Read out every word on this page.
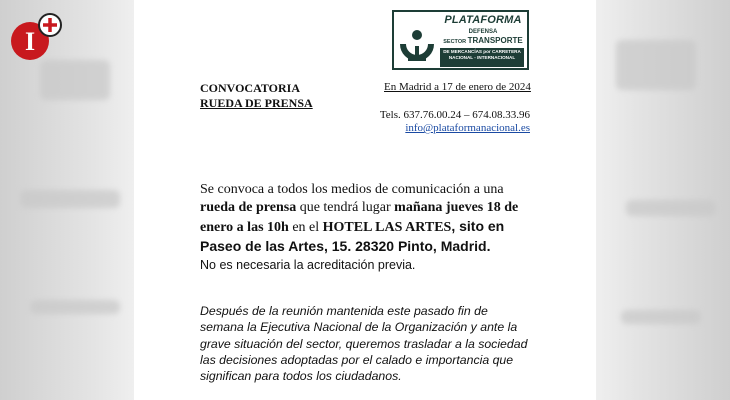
I
PLATAFORMA
DEFENSA
SECTOR TRANSPORTE
DE MERCANCÍAS por CARRETERA
NACIONAL - INTERNACIONAL
CONVOCATORIA
RUEDA DE PRENSA
En Madrid a 17 de enero de 2024
Tels. 637.76.00.24 – 674.08.33.96
info@plataformanacional.es
Se convoca a todos los medios de comunicación a una rueda de prensa que tendrá lugar mañana jueves 18 de enero a las 10h en el HOTEL LAS ARTES, sito en Paseo de las Artes, 15. 28320 Pinto, Madrid.
No es necesaria la acreditación previa.
Después de la reunión mantenida este pasado fin de semana la Ejecutiva Nacional de la Organización y ante la grave situación del sector, queremos trasladar a la sociedad las decisiones adoptadas por el calado e importancia que significan para todos los ciudadanos.
